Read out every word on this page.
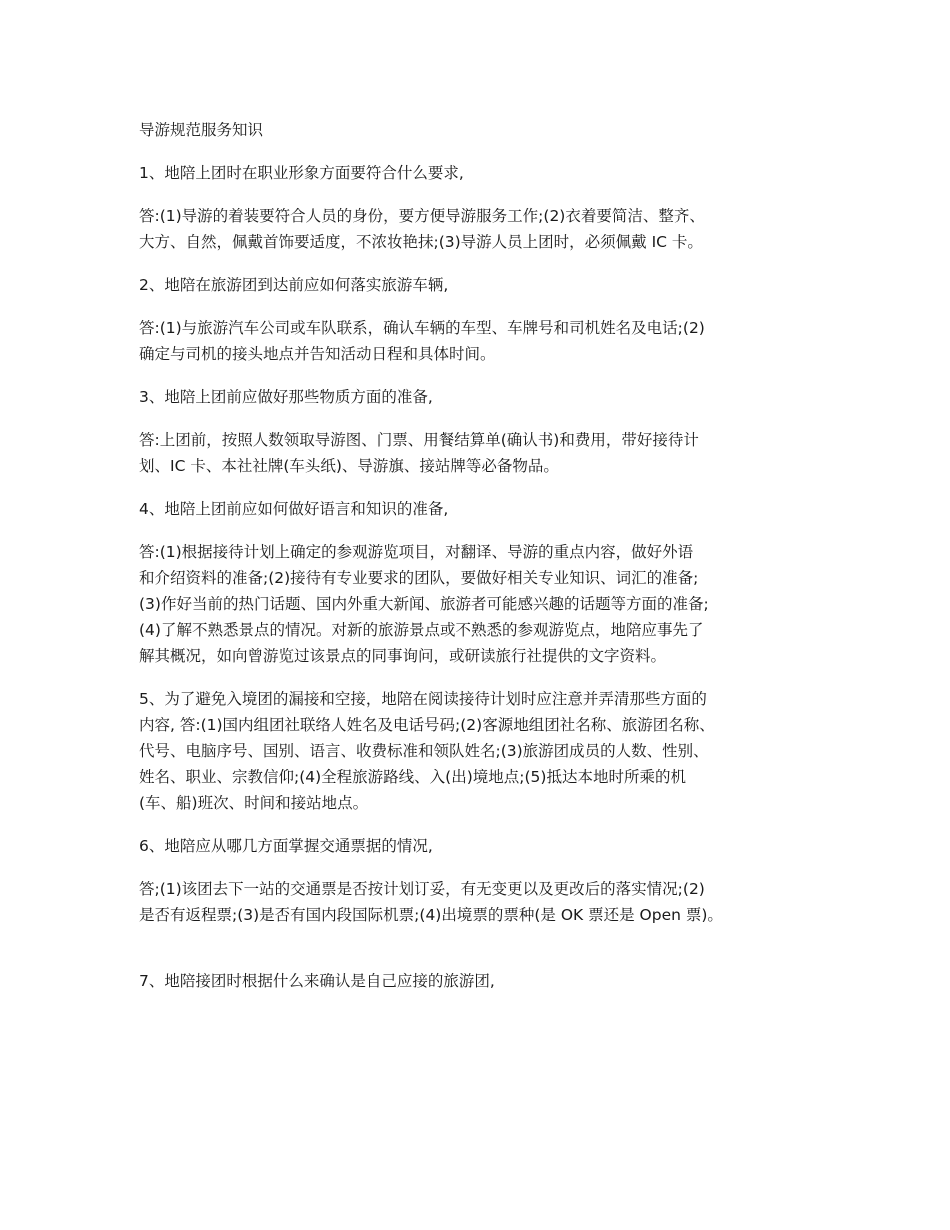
导游规范服务知识
1、地陪上团时在职业形象方面要符合什么要求,
答:(1)导游的着装要符合人员的身份，要方便导游服务工作;(2)衣着要简洁、整齐、
大方、自然，佩戴首饰要适度，不浓妆艳抹;(3)导游人员上团时，必须佩戴 IC 卡。
2、地陪在旅游团到达前应如何落实旅游车辆,
答:(1)与旅游汽车公司或车队联系，确认车辆的车型、车牌号和司机姓名及电话;(2)
确定与司机的接头地点并告知活动日程和具体时间。
3、地陪上团前应做好那些物质方面的准备,
答:上团前，按照人数领取导游图、门票、用餐结算单(确认书)和费用，带好接待计
划、IC 卡、本社社牌(车头纸)、导游旗、接站牌等必备物品。
4、地陪上团前应如何做好语言和知识的准备,
答:(1)根据接待计划上确定的参观游览项目，对翻译、导游的重点内容，做好外语
和介绍资料的准备;(2)接待有专业要求的团队，要做好相关专业知识、词汇的准备;
(3)作好当前的热门话题、国内外重大新闻、旅游者可能感兴趣的话题等方面的准备;
(4)了解不熟悉景点的情况。对新的旅游景点或不熟悉的参观游览点，地陪应事先了
解其概况，如向曾游览过该景点的同事询问，或研读旅行社提供的文字资料。
5、为了避免入境团的漏接和空接，地陪在阅读接待计划时应注意并弄清那些方面的
内容, 答:(1)国内组团社联络人姓名及电话号码;(2)客源地组团社名称、旅游团名称、
代号、电脑序号、国别、语言、收费标准和领队姓名;(3)旅游团成员的人数、性别、
姓名、职业、宗教信仰;(4)全程旅游路线、入(出)境地点;(5)抵达本地时所乘的机
(车、船)班次、时间和接站地点。
6、地陪应从哪几方面掌握交通票据的情况,
答;(1)该团去下一站的交通票是否按计划订妥，有无变更以及更改后的落实情况;(2)
是否有返程票;(3)是否有国内段国际机票;(4)出境票的票种(是 OK 票还是 Open 票)。
7、地陪接团时根据什么来确认是自己应接的旅游团,
